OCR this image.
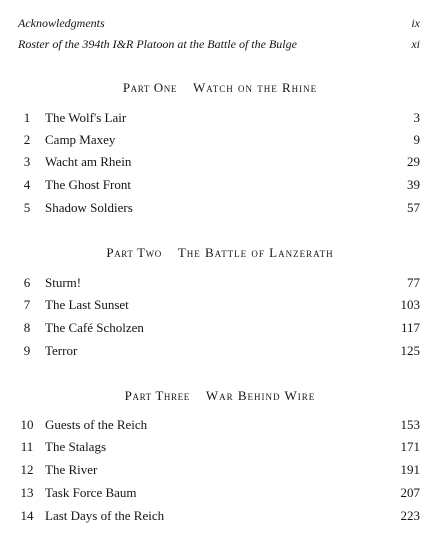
Acknowledgments	ix
Roster of the 394th I&R Platoon at the Battle of the Bulge	xi
Part One Watch on the Rhine
1	The Wolf's Lair	3
2	Camp Maxey	9
3	Wacht am Rhein	29
4	The Ghost Front	39
5	Shadow Soldiers	57
Part Two The Battle of Lanzerath
6	Sturm!	77
7	The Last Sunset	103
8	The Café Scholzen	117
9	Terror	125
Part Three War Behind Wire
10 Guests of the Reich	153
11 The Stalags	171
12 The River	191
13 Task Force Baum	207
14 Last Days of the Reich	223
